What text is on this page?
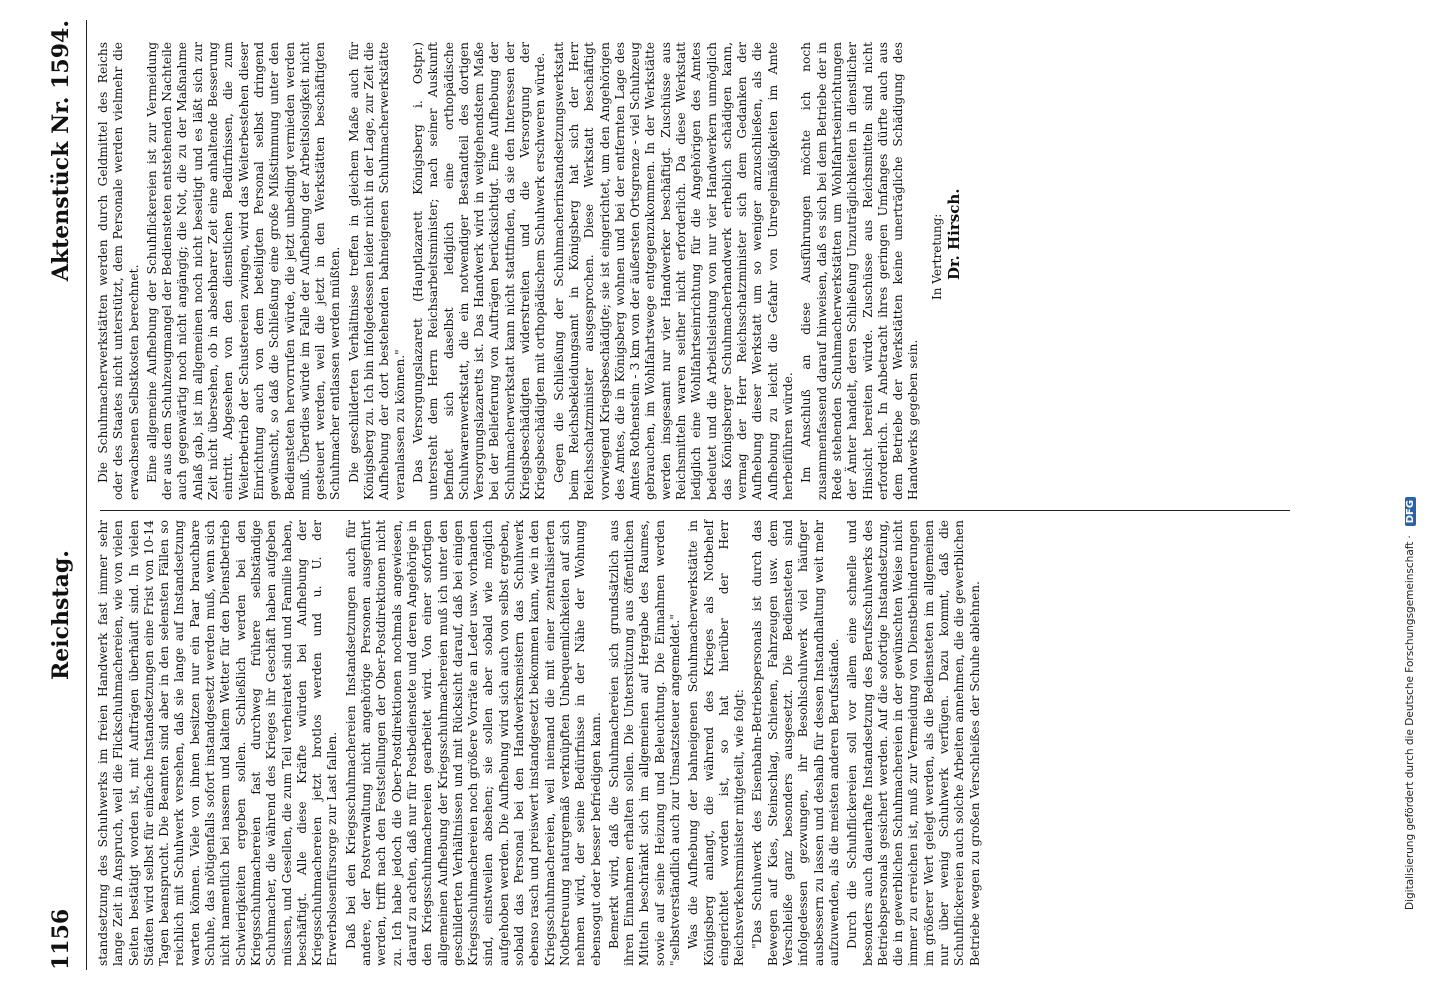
1156
Reichstag.
Aktenstück Nr. 1594.

standsetzung des Schuhwerks im freien Handwerk fast immer sehr lange Zeit in Anspruch, weil die Flickschuhmachereien, wie von vielen Seiten bestätigt worden ist, mit Aufträgen überhäuft sind. In vielen Städten wird selbst für einfache Instandsetzungen eine Frist von 10-14 Tagen beansprucht. Die Beamten sind aber in den selensten Fällen so reichlich mit Schuhwerk versehen, daß sie lange auf Instandsetzung warten können. Viele von ihnen besitzen nur ein Paar brauchbare Schuhe, das nötigenfalls sofort instandgesetzt werden muß, wenn sich nicht namentlich bei nassem und kaltem Wetter für den Dienstbetrieb Schwierigkeiten ergeben sollen. Schließlich werden bei den Kriegsschuhmachereien fast durchweg frühere selbständige Schuhmacher, die während des Krieges ihr Geschäft haben aufgeben müssen, und Gesellen, die zum Teil verheiratet sind und Familie haben, beschäftigt. Alle diese Kräfte würden bei Aufhebung der Kriegsschuhmachereien jetzt brotlos werden und u. U. der Erwerbslosenfürsorge zur Last fallen. Daß bei den Kriegsschuhmachereien Instandsetzungen auch für andere, der Postverwaltung nicht angehörige Personen ausgeführt werden, trifft nach den Feststellungen der Ober-Postdirektionen nicht zu. Ich habe jedoch die Ober-Postdirektionen nochmals angewiesen, darauf zu achten, daß nur für Postbedienstete und deren Angehörige in den Kriegsschuhmachereien gearbeitet wird. Von einer sofortigen allgemeinen Aufhebung der Kriegsschuhmachereien muß ich unter den geschilderten Verhältnissen und mit Rücksicht darauf, daß bei einigen Kriegsschuhmachereien noch größere Vorräte an Leder usw. vorhanden sind, einstweilen absehen; sie sollen aber sobald wie möglich aufgehoben werden. Die Aufhebung wird sich auch von selbst ergeben, sobald das Personal bei den Handwerksmeistern das Schuhwerk ebenso rasch und preiswert instandgesetzt bekommen kann, wie in den Kriegsschuhmachereien, weil niemand die mit einer zentralisierten Notbetreuung naturgemäß verknüpften Unbequemlichkeiten auf sich nehmen wird, der seine Bedürfnisse in der Nähe der Wohnung ebensogut oder besser befriedigen kann. Bemerkt wird, daß die Schuhmachereien sich grundsätzlich aus ihren Einnahmen erhalten sollen. Die Unterstützung aus öffentlichen Mitteln beschränkt sich im allgemeinen auf Hergabe des Raumes, sowie auf seine Heizung und Beleuchtung. Die Einnahmen werden "selbstverständlich auch zur Umsatzsteuer angemeldet." Was die Aufhebung der bahneigenen Schuhmacherwerkstätte in Königsberg anlangt, die während des Krieges als Notbehelf eingerichtet worden ist, so hat hierüber der Herr Reichsverkehrsminister mitgeteilt, wie folgt: "Das Schuhwerk des Eisenbahn-Betriebspersonals ist durch das Bewegen auf Kies, Steinschlag, Schienen, Fahrzeugen usw. dem Verschleiße ganz besonders ausgesetzt. Die Bediensteten sind infolgedessen gezwungen, ihr Besohlschuhwerk viel häufiger ausbessern zu lassen und deshalb für dessen Instandhaltung weit mehr aufzuwenden, als die meisten anderen Berufsstände. Durch die Schuhflickereien soll vor allem eine schnelle und besonders auch dauerhafte Instandsetzung des Berufsschuhwerks des Betriebspersonals gesichert werden. Auf die sofortige Instandsetzung, die in gewerblichen Schuhmachereien in der gewünschten Weise nicht immer zu erreichen ist, muß zur Vermeidung von Dienstbehinderungen im größerer Wert gelegt werden, als die Bediensteten im allgemeinen nur über wenig Schuhwerk verfügen. Dazu kommt, daß die Schuhflickereien auch solche Arbeiten annehmen, die die gewerblichen Betriebe wegen zu großen Verschleißes der Schuhe ablehnen.

Die Schuhmacherwerkstätten werden durch Geldmittel des Reichs oder des Staates nicht unterstützt, dem Personale werden vielmehr die erwachsenen Selbstkosten berechnet. Eine allgemeine Aufhebung der Schuhflickereien ist zur Vermeidung der aus dem Schuhzeugmangel der Bediensteten entstehenden Nachteile auch gegenwärtig noch nicht angängig; die Not, die zu der Maßnahme Anlaß gab, ist im allgemeinen noch nicht beseitigt und es läßt sich zur Zeit nicht übersehen, ob in absehbarer Zeit eine anhaltende Besserung eintritt. Abgesehen von den dienstlichen Bedürfnissen, die zum Weiterbetrieb der Schustereien zwingen, wird das Weiterbestehen dieser Einrichtung auch von dem beteiligten Personal selbst dringend gewünscht, so daß die Schließung eine große Mißstimmung unter den Bediensteten hervorrufen würde, die jetzt unbedingt vermieden werden muß. Überdies würde im Falle der Aufhebung der Arbeitslosigkeit nicht gesteuert werden, weil die jetzt in den Werkstätten beschäftigten Schuhmacher entlassen werden müßten. Die geschilderten Verhältnisse treffen in gleichem Maße auch für Königsberg zu. Ich bin infolgedessen leider nicht in der Lage, zur Zeit die Aufhebung der dort bestehenden bahneigenen Schuhmacherwerkstätte veranlassen zu können." Das Versorgungslazarett (Hauptlazarett Königsberg i. Ostpr.) untersteht dem Herrn Reichsarbeitsminister; nach seiner Auskunft befindet sich daselbst lediglich eine orthopädische Schuhwarenwerkstatt, die ein notwendiger Bestandteil des dortigen Versorgungslazaretts ist. Das Handwerk wird in weitgehendstem Maße bei der Belieferung von Aufträgen berücksichtigt. Eine Aufhebung der Schuhmacherwerkstatt kann nicht stattfinden, da sie den Interessen der Kriegsbeschädigten widerstreiten und die Versorgung der Kriegsbeschädigten mit orthopädischem Schuhwerk erschweren würde. Gegen die Schließung der Schuhmacherinstandsetzungswerkstatt beim Reichsbekleidungsamt in Königsberg hat sich der Herr Reichsschatzminister ausgesprochen. Diese Werkstatt beschäftigt vorwiegend Kriegsbeschädigte; sie ist eingerichtet, um den Angehörigen des Amtes, die in Königsberg wohnen und bei der entfernten Lage des Amtes Rothenstein - 3 km von der äußersten Ortsgrenze - viel Schuhzeug gebrauchen, im Wohlfahrtswege entgegenzukommen. In der Werkstätte werden insgesamt nur vier Handwerker beschäftigt. Zuschüsse aus Reichsmitteln waren seither nicht erforderlich. Da diese Werkstatt lediglich eine Wohlfahrtseinrichtung für die Angehörigen des Amtes bedeutet und die Arbeitsleistung von nur vier Handwerkern unmöglich das Königsberger Schuhmacherhandwerk erheblich schädigen kann, vermag der Herr Reichsschatzminister sich dem Gedanken der Aufhebung dieser Werkstatt um so weniger anzuschließen, als die Aufhebung zu leicht die Gefahr von Unregelmäßigkeiten im Amte herbeiführen würde. Im Anschluß an diese Ausführungen möchte ich noch zusammenfassend darauf hinweisen, daß es sich bei dem Betriebe der in Rede stehenden Schuhmacherwerkstätten um Wohlfahrtseinrichtungen der Ämter handelt, deren Schließung Unzuträglichkeiten in dienstlicher Hinsicht bereiten würde. Zuschüsse aus Reichsmitteln sind nicht erforderlich. In Anbetracht ihres geringen Umfanges dürfte auch aus dem Betriebe der Werkstätten keine unerträgliche Schädigung des Handwerks gegeben sein.

In Vertretung: Dr. Hirsch.

Digitalisierung gefördert durch die Deutsche Forschungsgemeinschaft·DFG
